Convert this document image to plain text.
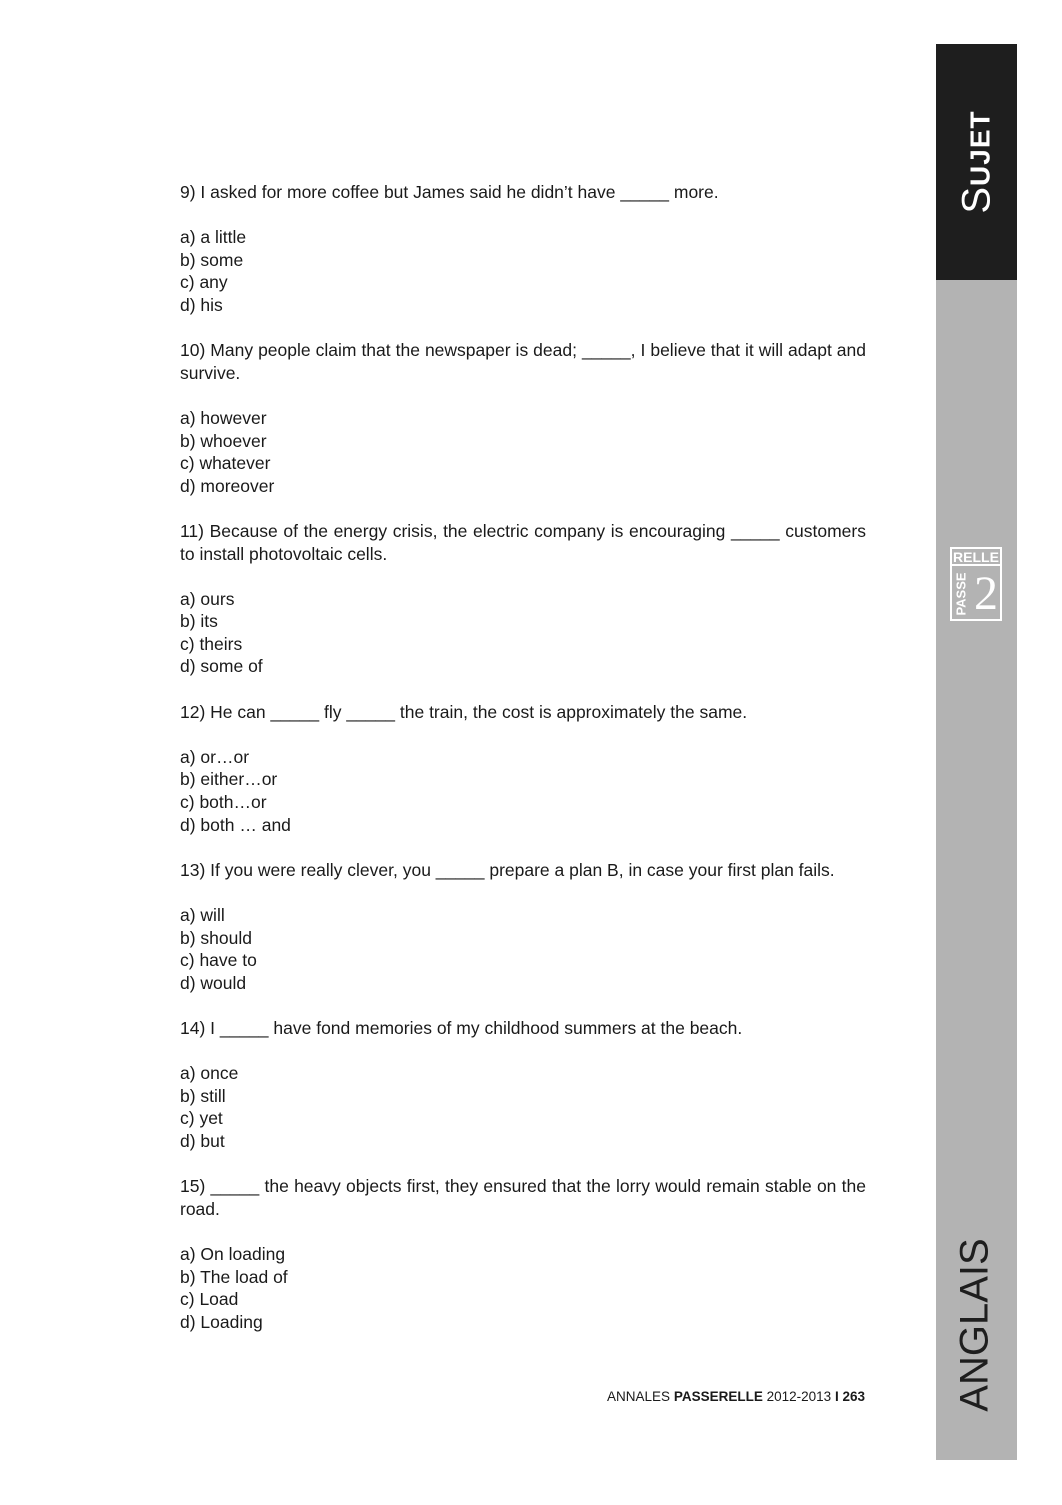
SUJET
RELLE
PASSE 2
ANGLAIS

9) I asked for more coffee but James said he didn’t have _____ more.

a) a little
b) some
c) any
d) his

10) Many people claim that the newspaper is dead; _____, I believe that it will adapt and survive.

a) however
b) whoever
c) whatever
d) moreover

11) Because of the energy crisis, the electric company is encouraging _____ customers to install photovoltaic cells.

a) ours
b) its
c) theirs
d) some of

12) He can _____ fly _____ the train, the cost is approximately the same.

a) or…or
b) either…or
c) both…or
d) both … and

13) If you were really clever, you _____ prepare a plan B, in case your first plan fails.

a) will
b) should
c) have to
d) would

14) I _____ have fond memories of my childhood summers at the beach.

a) once
b) still
c) yet
d) but

15) _____ the heavy objects first, they ensured that the lorry would remain stable on the road.

a) On loading
b) The load of
c) Load
d) Loading
ANNALES PASSERELLE 2012-2013 I 263
